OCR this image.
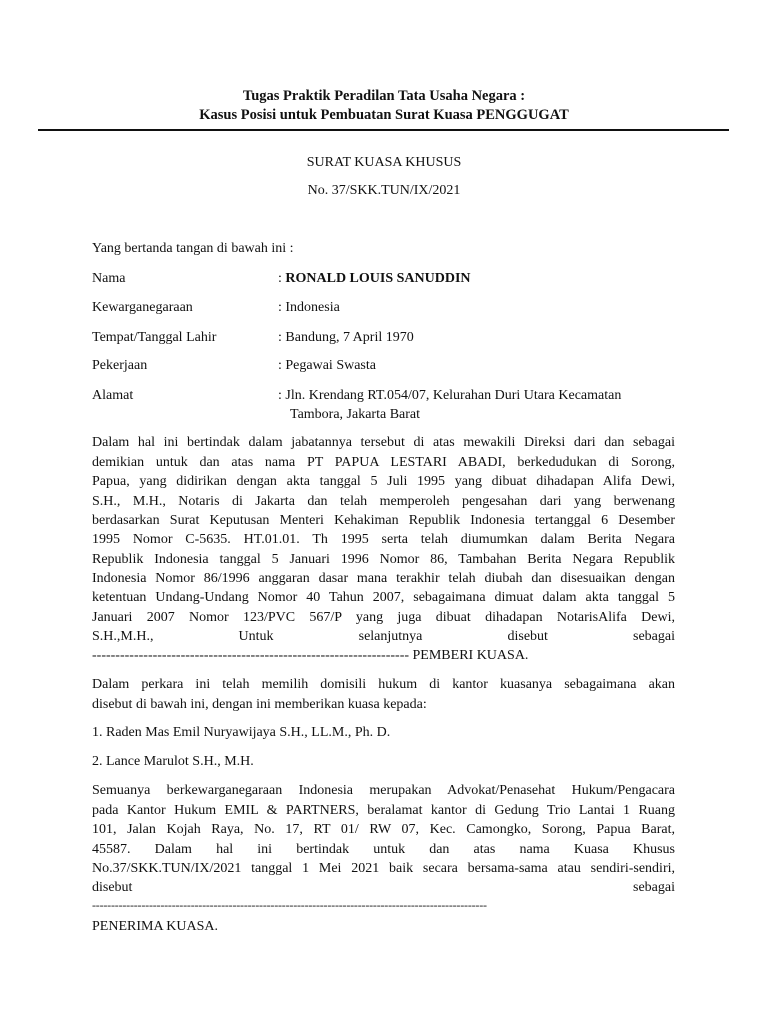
Tugas Praktik Peradilan Tata Usaha Negara :
Kasus Posisi untuk Pembuatan Surat Kuasa PENGGUGAT
SURAT KUASA KHUSUS
No. 37/SKK.TUN/IX/2021
Yang bertanda tangan di bawah ini :
Nama	: RONALD LOUIS SANUDDIN
Kewarganegaraan	: Indonesia
Tempat/Tanggal Lahir	: Bandung, 7 April 1970
Pekerjaan	: Pegawai Swasta
Alamat	: Jln. Krendang RT.054/07, Kelurahan Duri Utara Kecamatan
Tambora, Jakarta Barat
Dalam hal ini bertindak dalam jabatannya tersebut di atas mewakili Direksi dari dan sebagai
demikian untuk dan atas nama PT PAPUA LESTARI ABADI, berkedudukan di Sorong,
Papua, yang didirikan dengan akta tanggal 5 Juli 1995 yang dibuat dihadapan Alifa Dewi,
S.H., M.H., Notaris di Jakarta dan telah memperoleh pengesahan dari yang berwenang
berdasarkan Surat Keputusan Menteri Kehakiman Republik Indonesia tertanggal 6 Desember
1995 Nomor C-5635. HT.01.01. Th 1995 serta telah diumumkan dalam Berita Negara
Republik Indonesia tanggal 5 Januari 1996 Nomor 86, Tambahan Berita Negara Republik
Indonesia Nomor 86/1996 anggaran dasar mana terakhir telah diubah dan disesuaikan dengan
ketentuan Undang-Undang Nomor 40 Tahun 2007, sebagaimana dimuat dalam akta tanggal 5
Januari 2007 Nomor 123/PVC 567/P yang juga dibuat dihadapan NotarisAlifa Dewi,
S.H.,M.H., Untuk selanjutnya disebut sebagai
-------------------------------------------------------------------- PEMBERI KUASA.
Dalam perkara ini telah memilih domisili hukum di kantor kuasanya sebagaimana akan
disebut di bawah ini, dengan ini memberikan kuasa kepada:
1. Raden Mas Emil Nuryawijaya S.H., LL.M., Ph. D.
2. Lance Marulot S.H., M.H.
Semuanya berkewarganegaraan Indonesia merupakan Advokat/Penasehat Hukum/Pengacara
pada Kantor Hukum EMIL & PARTNERS, beralamat kantor di Gedung Trio Lantai 1 Ruang
101, Jalan Kojah Raya, No. 17, RT 01/ RW 07, Kec. Camongko, Sorong, Papua Barat,
45587. Dalam hal ini bertindak untuk dan atas nama Kuasa Khusus
No.37/SKK.TUN/IX/2021 tanggal 1 Mei 2021 baik secara bersama-sama atau sendiri-sendiri,
disebut sebagai
--------------------------------------------------------------------------------------------------------
PENERIMA KUASA.
